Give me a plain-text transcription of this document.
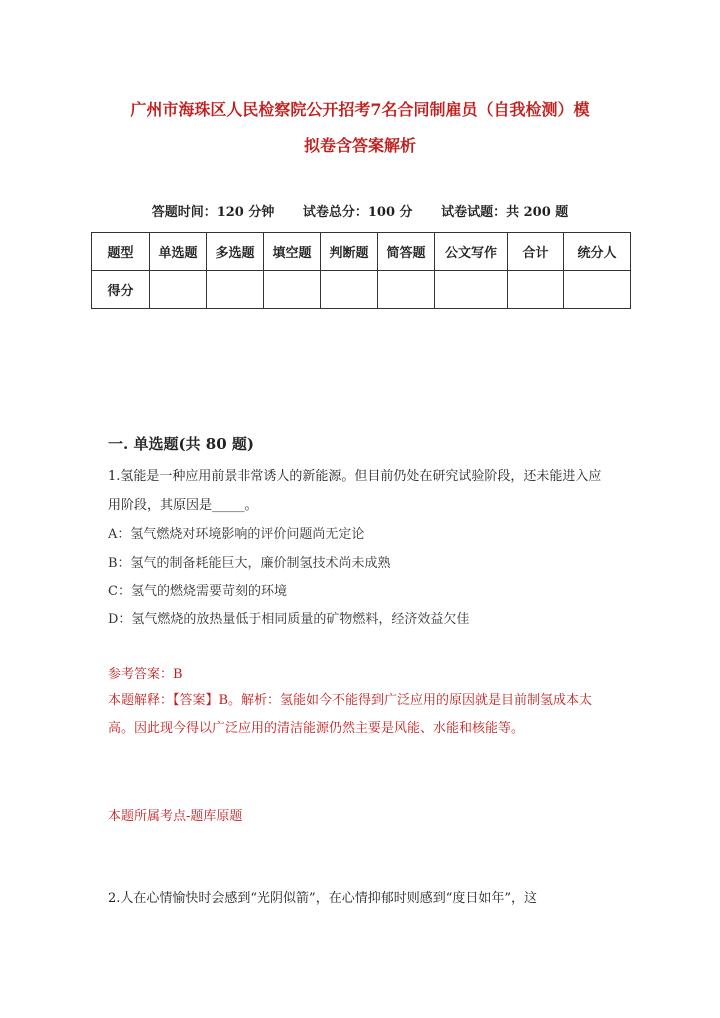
广州市海珠区人民检察院公开招考7名合同制雇员（自我检测）模
拟卷含答案解析
答题时间：120 分钟 试卷总分：100 分 试卷试题：共 200 题
题型	单选题	多选题	填空题	判断题	简答题	公文写作	合计	统分人
得分								
一. 单选题(共 80 题)
1.氢能是一种应用前景非常诱人的新能源。但目前仍处在研究试验阶段，还未能进入应用阶段，其原因是_____。
A：氢气燃烧对环境影响的评价问题尚无定论
B：氢气的制备耗能巨大，廉价制氢技术尚未成熟
C：氢气的燃烧需要苛刻的环境
D：氢气燃烧的放热量低于相同质量的矿物燃料，经济效益欠佳
参考答案：B
本题解释：【答案】B。解析：氢能如今不能得到广泛应用的原因就是目前制氢成本太高。因此现今得以广泛应用的清洁能源仍然主要是风能、水能和核能等。
本题所属考点-题库原题
2.人在心情愉快时会感到“光阴似箭”，在心情抑郁时则感到“度日如年”，这
